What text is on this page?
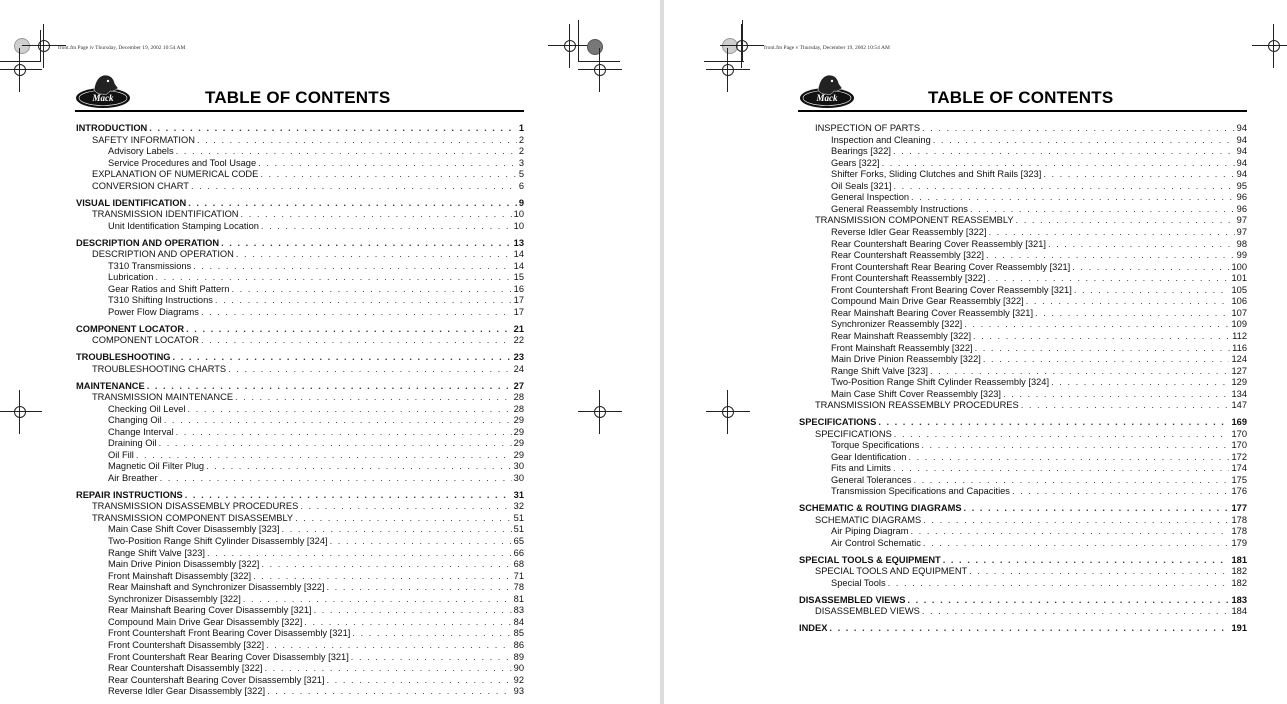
front.fm Page iv Thursday, December 19, 2002 10:54 AM
Mack	TABLE OF CONTENTS
INTRODUCTION . . .	1
SAFETY INFORMATION . . .	2
Advisory Labels . . .	2
Service Procedures and Tool Usage . . .	3
EXPLANATION OF NUMERICAL CODE . . .	5
CONVERSION CHART . . .	6
VISUAL IDENTIFICATION . . .	9
TRANSMISSION IDENTIFICATION . . .	10
Unit Identification Stamping Location . . .	10
DESCRIPTION AND OPERATION . . .	13
DESCRIPTION AND OPERATION . . .	14
T310 Transmissions . . .	14
Lubrication . . .	15
Gear Ratios and Shift Pattern . . .	16
T310 Shifting Instructions . . .	17
Power Flow Diagrams . . .	17
COMPONENT LOCATOR . . .	21
COMPONENT LOCATOR . . .	22
TROUBLESHOOTING . . .	23
TROUBLESHOOTING CHARTS . . .	24
MAINTENANCE . . .	27
TRANSMISSION MAINTENANCE . . .	28
Checking Oil Level . . .	28
Changing Oil . . .	29
Change Interval . . .	29
Draining Oil . . .	29
Oil Fill . . .	29
Magnetic Oil Filter Plug . . .	30
Air Breather . . .	30
REPAIR INSTRUCTIONS . . .	31
TRANSMISSION DISASSEMBLY PROCEDURES . . .	32
TRANSMISSION COMPONENT DISASSEMBLY . . .	51
Main Case Shift Cover Disassembly [323] . . .	51
Two-Position Range Shift Cylinder Disassembly [324] . . .	65
Range Shift Valve [323] . . .	66
Main Drive Pinion Disassembly [322] . . .	68
Front Mainshaft Disassembly [322] . . .	71
Rear Mainshaft and Synchronizer Disassembly [322] . . .	78
Synchronizer Disassembly [322] . . .	81
Rear Mainshaft Bearing Cover Disassembly [321] . . .	83
Compound Main Drive Gear Disassembly [322] . . .	84
Front Countershaft Front Bearing Cover Disassembly [321] . . .	85
Front Countershaft Disassembly [322] . . .	86
Front Countershaft Rear Bearing Cover Disassembly [321] . . .	89
Rear Countershaft Disassembly [322] . . .	90
Rear Countershaft Bearing Cover Disassembly [321] . . .	92
Reverse Idler Gear Disassembly [322] . . .	93
front.fm Page v Thursday, December 19, 2002 10:54 AM
Mack	TABLE OF CONTENTS
INSPECTION OF PARTS . . .	94
Inspection and Cleaning . . .	94
Bearings [322] . . .	94
Gears [322] . . .	94
Shifter Forks, Sliding Clutches and Shift Rails [323] . . .	94
Oil Seals [321] . . .	95
General Inspection . . .	96
General Reassembly Instructions . . .	96
TRANSMISSION COMPONENT REASSEMBLY . . .	97
Reverse Idler Gear Reassembly [322] . . .	97
Rear Countershaft Bearing Cover Reassembly [321] . . .	98
Rear Countershaft Reassembly [322] . . .	99
Front Countershaft Rear Bearing Cover Reassembly [321] . . .	100
Front Countershaft Reassembly [322] . . .	101
Front Countershaft Front Bearing Cover Reassembly [321] . . .	105
Compound Main Drive Gear Reassembly [322] . . .	106
Rear Mainshaft Bearing Cover Reassembly [321] . . .	107
Synchronizer Reassembly [322] . . .	109
Rear Mainshaft Reassembly [322] . . .	112
Front Mainshaft Reassembly [322] . . .	116
Main Drive Pinion Reassembly [322] . . .	124
Range Shift Valve [323] . . .	127
Two-Position Range Shift Cylinder Reassembly [324] . . .	129
Main Case Shift Cover Reassembly [323] . . .	134
TRANSMISSION REASSEMBLY PROCEDURES . . .	147
SPECIFICATIONS . . .	169
SPECIFICATIONS . . .	170
Torque Specifications . . .	170
Gear Identification . . .	172
Fits and Limits . . .	174
General Tolerances . . .	175
Transmission Specifications and Capacities . . .	176
SCHEMATIC & ROUTING DIAGRAMS . . .	177
SCHEMATIC DIAGRAMS . . .	178
Air Piping Diagram . . .	178
Air Control Schematic . . .	179
SPECIAL TOOLS & EQUIPMENT . . .	181
SPECIAL TOOLS AND EQUIPMENT . . .	182
Special Tools . . .	182
DISASSEMBLED VIEWS . . .	183
DISASSEMBLED VIEWS . . .	184
INDEX . . .	191
